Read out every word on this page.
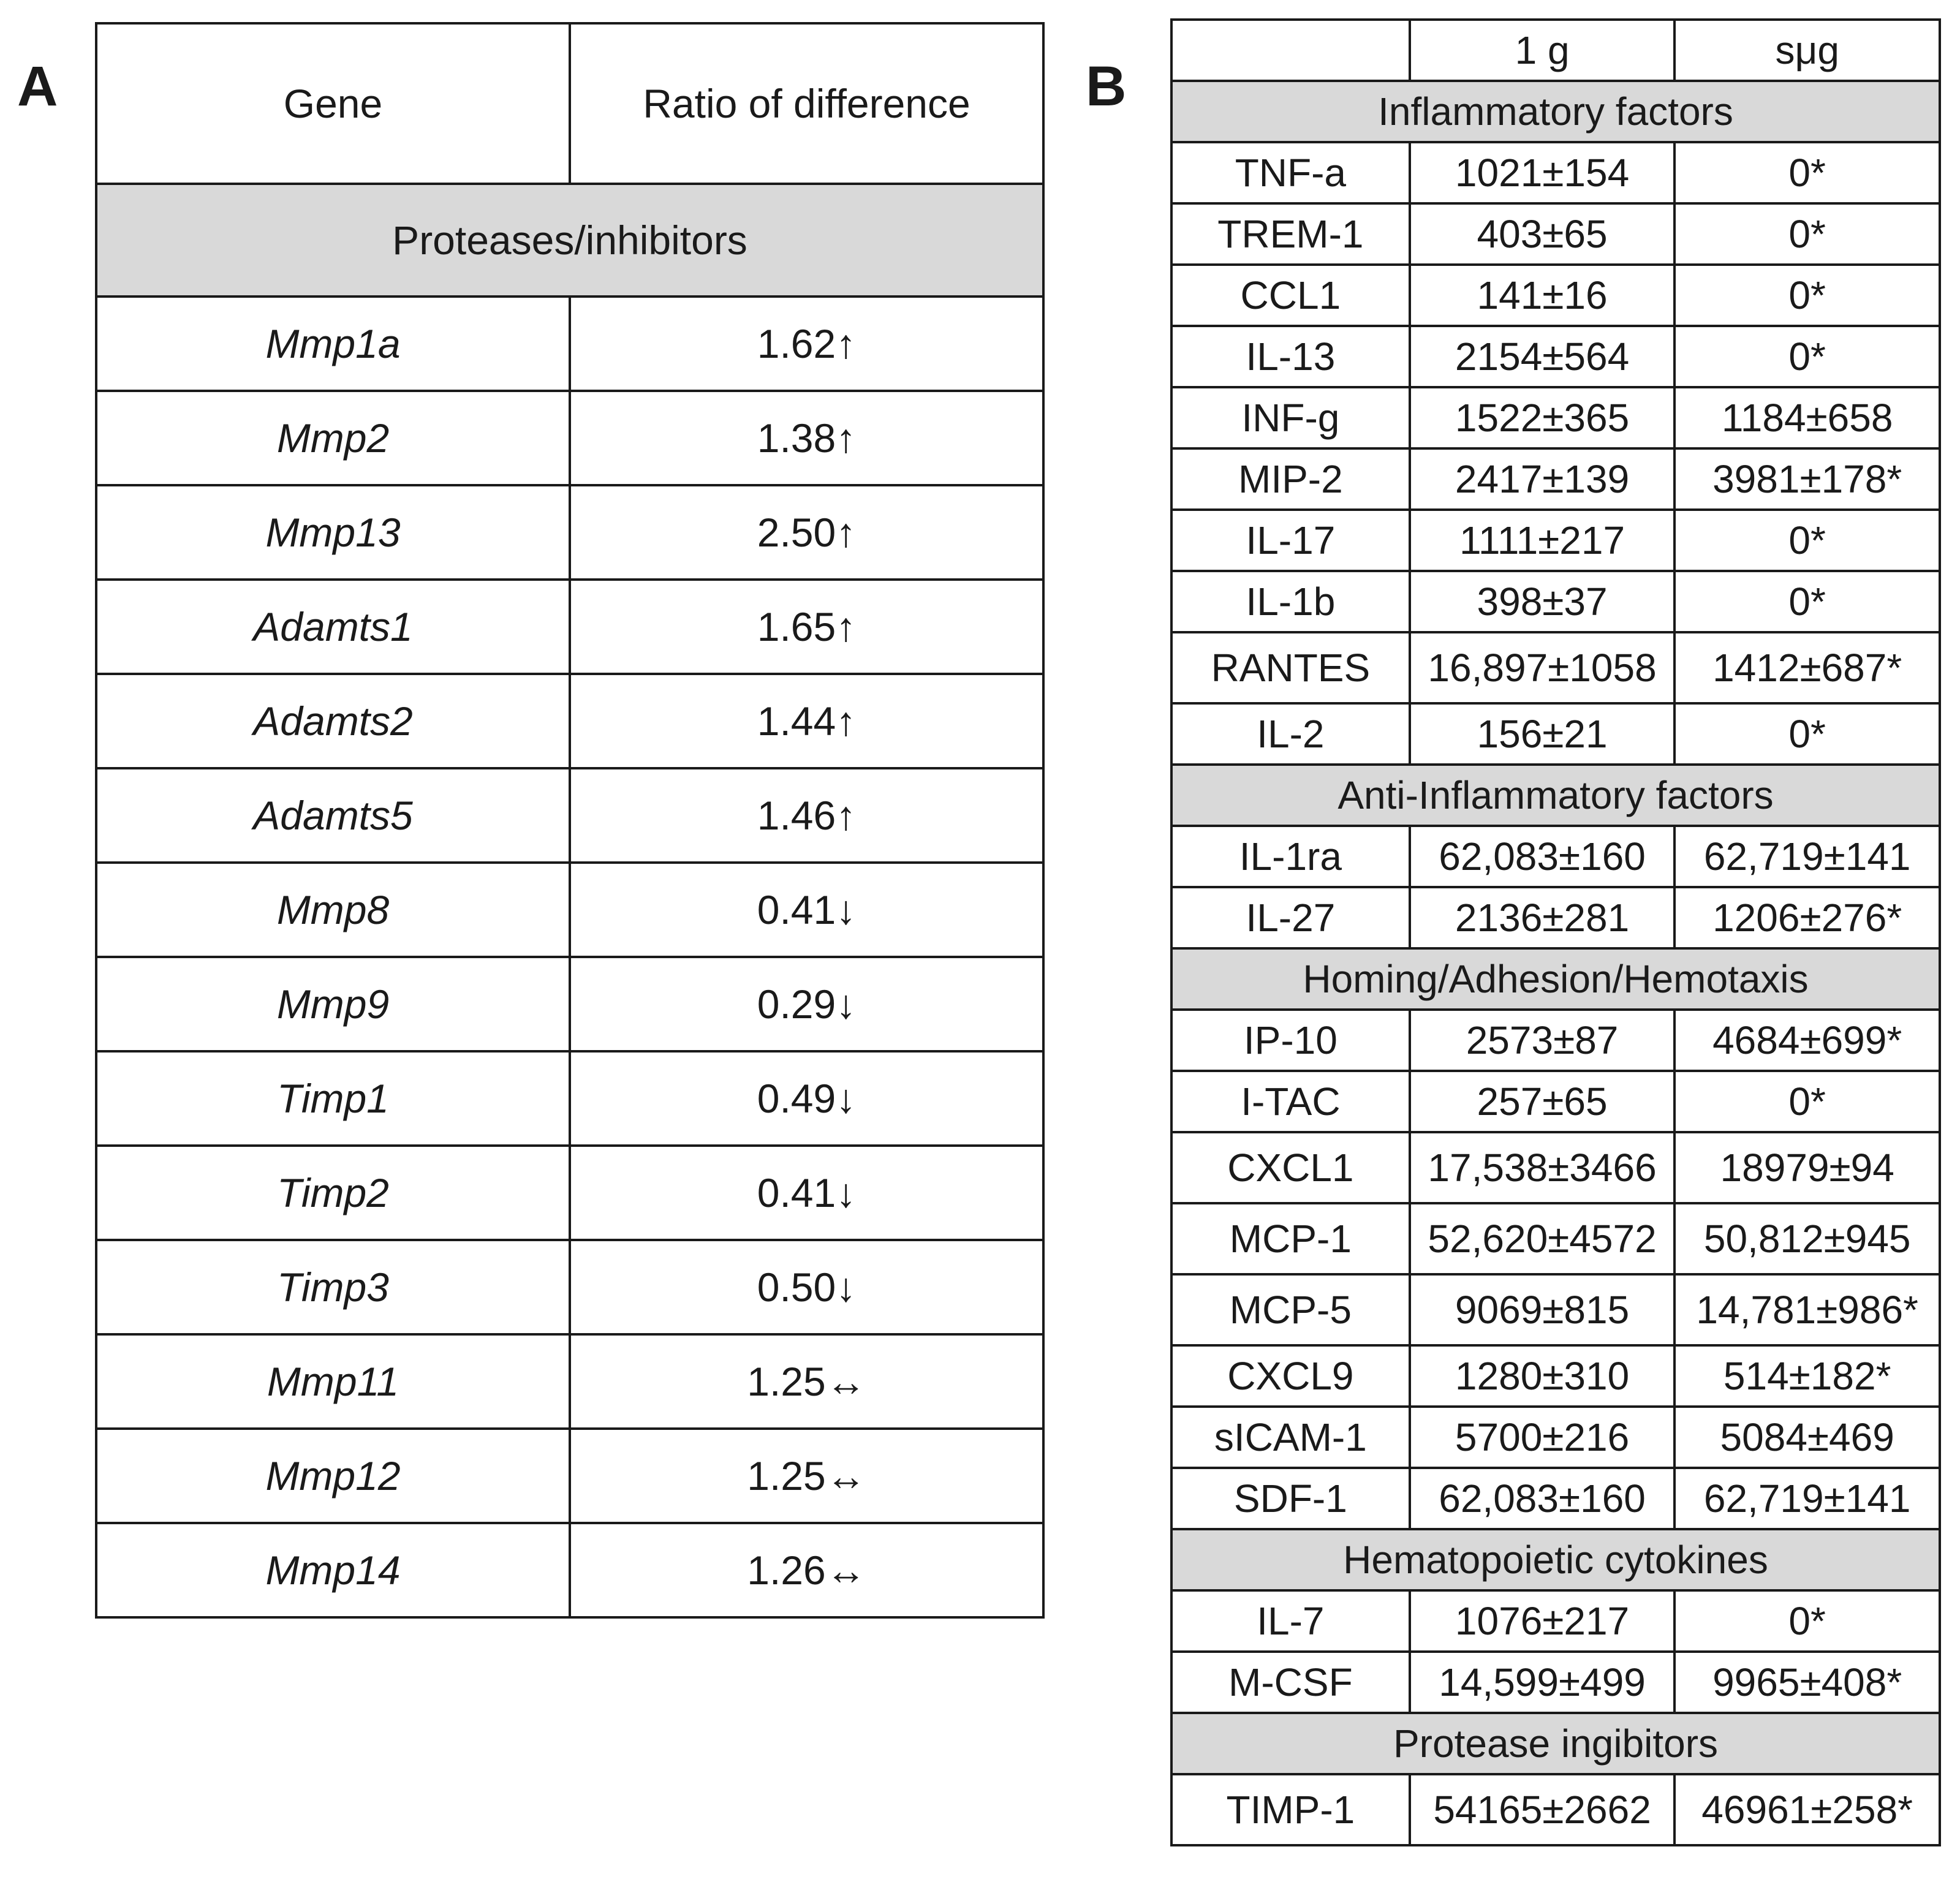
A	B
Gene	Ratio of difference
Proteases/inhibitors	
Mmp1a	1.62↑
Mmp2	1.38↑
Mmp13	2.50↑
Adamts1	1.65↑
Adamts2	1.44↑
Adamts5	1.46↑
Mmp8	0.41↓
Mmp9	0.29↓
Timp1	0.49↓
Timp2	0.41↓
Timp3	0.50↓
Mmp11	1.25↔
Mmp12	1.25↔
Mmp14	1.26↔
	1 g	sμg
Inflammatory factors		
TNF-a	1021±154	0*
TREM-1	403±65	0*
CCL1	141±16	0*
IL-13	2154±564	0*
INF-g	1522±365	1184±658
MIP-2	2417±139	3981±178*
IL-17	1111±217	0*
IL-1b	398±37	0*
RANTES	16,897±1058	1412±687*
IL-2	156±21	0*
Anti-Inflammatory factors		
IL-1ra	62,083±160	62,719±141
IL-27	2136±281	1206±276*
Homing/Adhesion/Hemotaxis		
IP-10	2573±87	4684±699*
I-TAC	257±65	0*
CXCL1	17,538±3466	18979±94
MCP-1	52,620±4572	50,812±945
MCP-5	9069±815	14,781±986*
CXCL9	1280±310	514±182*
sICAM-1	5700±216	5084±469
SDF-1	62,083±160	62,719±141
Hematopoietic cytokines		
IL-7	1076±217	0*
M-CSF	14,599±499	9965±408*
Protease ingibitors		
TIMP-1	54165±2662	46961±258*
